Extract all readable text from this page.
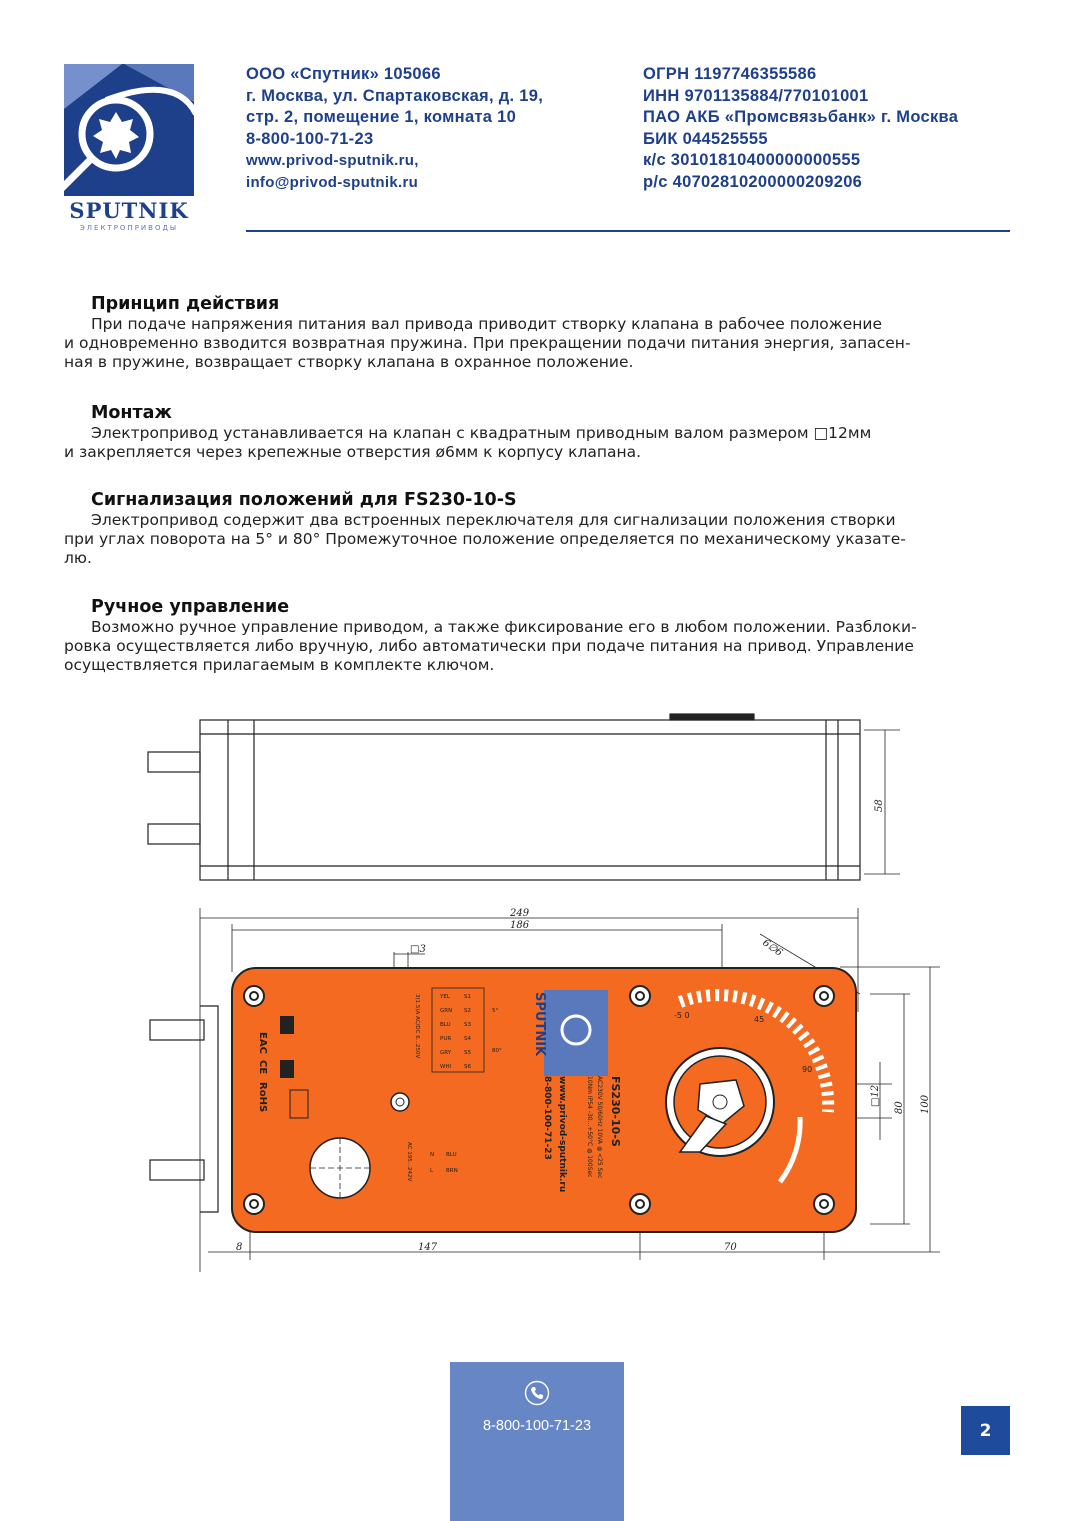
SPUTNIK
ЭЛЕКТРОПРИВОДЫ
ООО «Спутник» 105066
г. Москва, ул. Спартаковская, д. 19,
стр. 2, помещение 1, комната 10
8-800-100-71-23
www.privod-sputnik.ru,
info@privod-sputnik.ru
ОГРН 1197746355586
ИНН 9701135884/770101001
ПАО АКБ «Промсвязьбанк» г. Москва
БИК 044525555
к/с 30101810400000000555
р/с 40702810200000209206
Принцип действия

При подаче напряжения питания вал привода приводит створку клапана в рабочее положение

и одновременно взводится возвратная пружина. При прекращении подачи питания энергия, запасен-

ная в пружине, возвращает створку клапана в охранное положение.

Монтаж

Электропривод устанавливается на клапан с квадратным приводным валом размером □12мм

и закрепляется через крепежные отверстия ø6мм к корпусу клапана.

Сигнализация положений для FS230-10-S

Электропривод содержит два встроенных переключателя для сигнализации положения створки

при углах поворота на 5° и 80° Промежуточное положение определяется по механическому указате-

лю.

Ручное управление

Возможно ручное управление приводом, а также фиксирование его в любом положении. Разблоки-

ровка осуществляется либо вручную, либо автоматически при подаче питания на привод. Управление

осуществляется прилагаемым в комплекте ключом.

58
249
186
□3	6∅6
□12
80 100
8	147	70
SPUTNIK
FS230-10-S
AC230V 50/60Hz 10VA ◍ <25 Sec
10Nm IP54 -30...+50°C ◍ 100Sec
www.privod-sputnik.ru
8-800-100-71-23
YEL
GRN
BLU
PUR
GRY
WHI
S1
S2
S3
S4
S5
S6
3(1.5)A AC/DC 6...250V
AC 195...242V	BLU
BRN
N
L
5°
80°
-5 0	45
90
EAC
CE
RoHS
8-800-100-71-23	2
